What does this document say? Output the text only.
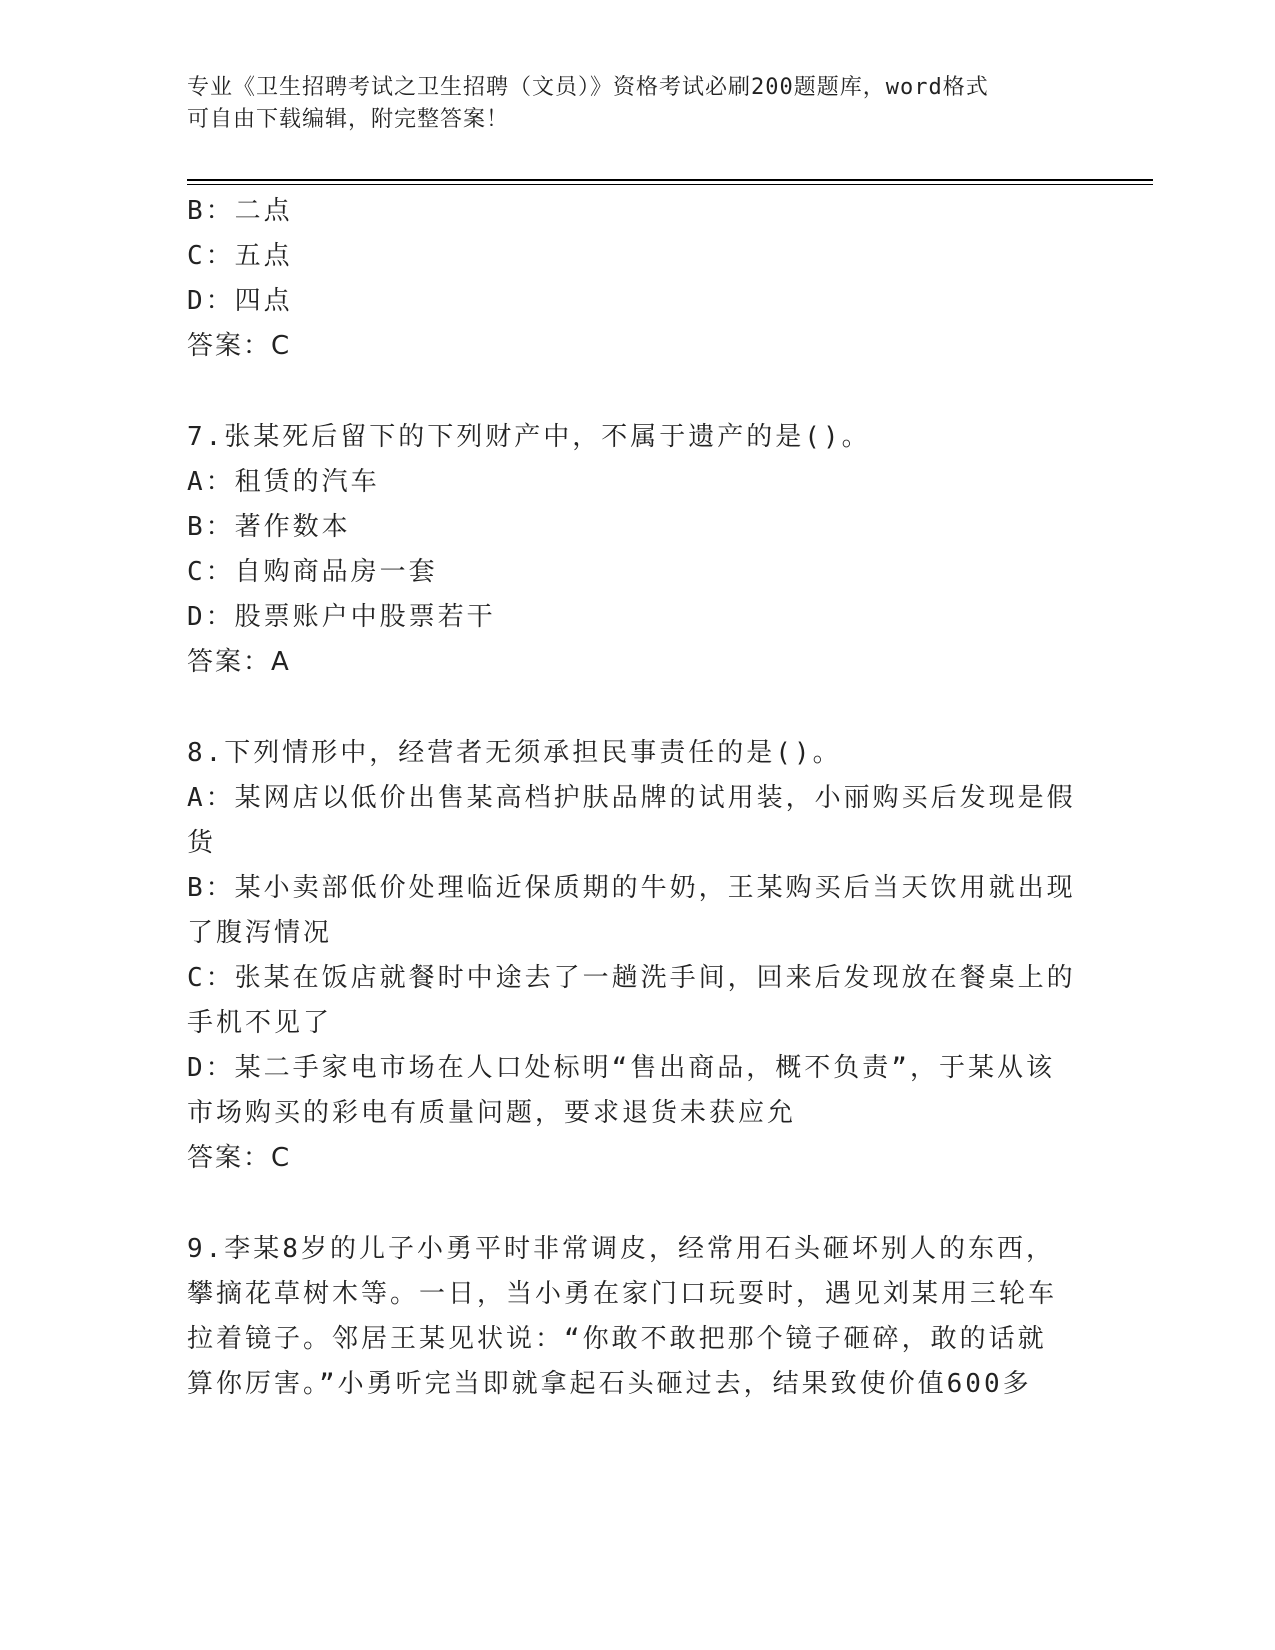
专业《卫生招聘考试之卫生招聘（文员）》资格考试必刷200题题库，word格式
可自由下载编辑，附完整答案！
B：二点
C：五点
D：四点
答案：C
7.张某死后留下的下列财产中，不属于遗产的是()。
A：租赁的汽车
B：著作数本
C：自购商品房一套
D：股票账户中股票若干
答案：A
8.下列情形中，经营者无须承担民事责任的是()。
A：某网店以低价出售某高档护肤品牌的试用装，小丽购买后发现是假
货
B：某小卖部低价处理临近保质期的牛奶，王某购买后当天饮用就出现
了腹泻情况
C：张某在饭店就餐时中途去了一趟洗手间，回来后发现放在餐桌上的
手机不见了
D：某二手家电市场在人口处标明“售出商品，概不负责”，于某从该
市场购买的彩电有质量问题，要求退货未获应允
答案：C
9.李某8岁的儿子小勇平时非常调皮，经常用石头砸坏别人的东西，
攀摘花草树木等。一日，当小勇在家门口玩耍时，遇见刘某用三轮车
拉着镜子。邻居王某见状说：“你敢不敢把那个镜子砸碎，敢的话就
算你厉害。”小勇听完当即就拿起石头砸过去，结果致使价值600多
